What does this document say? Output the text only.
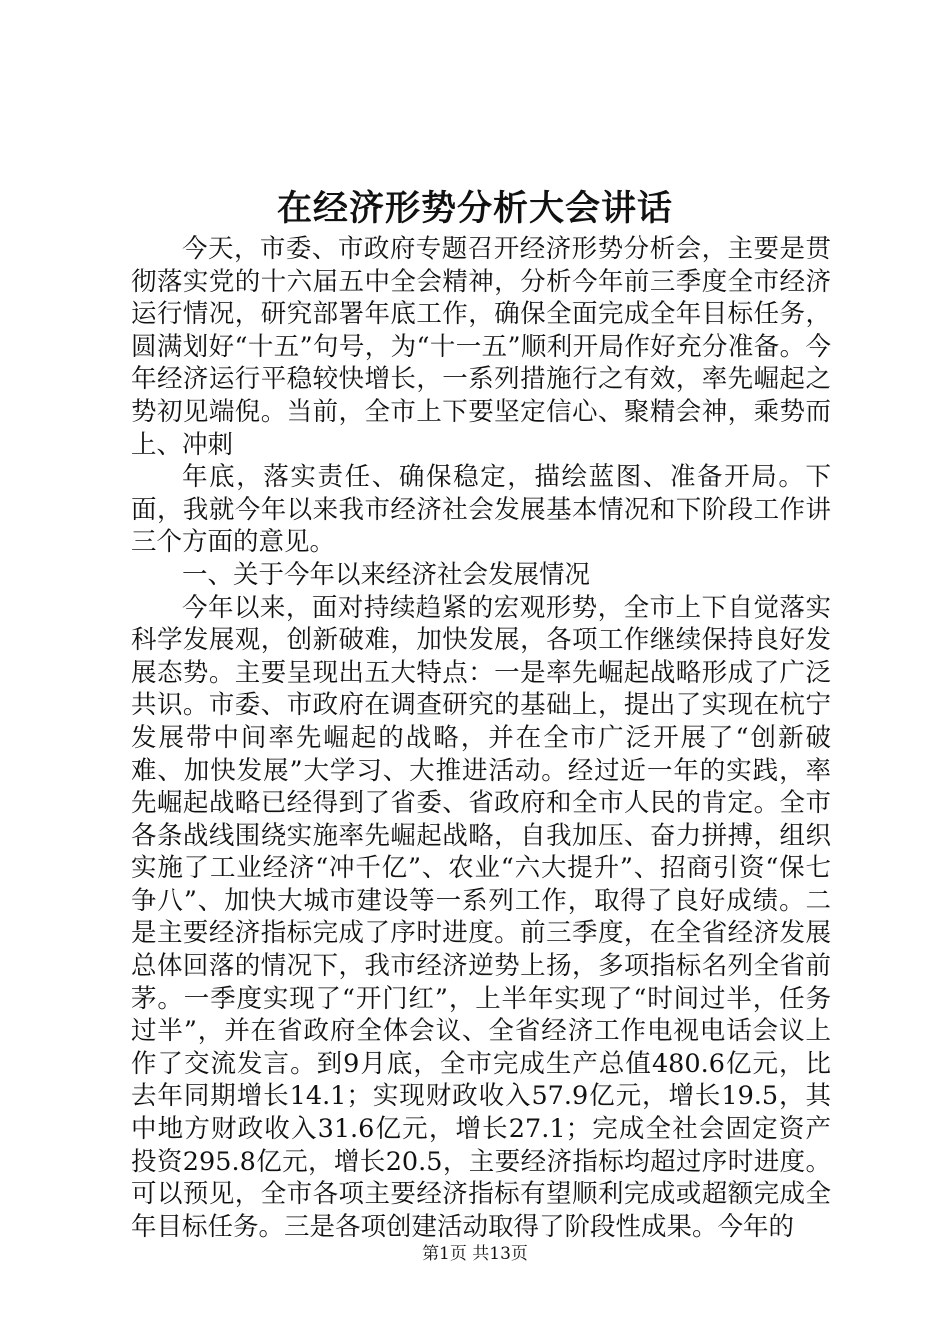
在经济形势分析大会讲话

今天，市委、市政府专题召开经济形势分析会，主要是贯彻落实党的十六届五中全会精神，分析今年前三季度全市经济运行情况，研究部署年底工作，确保全面完成全年目标任务，圆满划好“十五”句号，为“十一五”顺利开局作好充分准备。今年经济运行平稳较快增长，一系列措施行之有效，率先崛起之势初见端倪。当前，全市上下要坚定信心、聚精会神，乘势而上、冲刺

年底，落实责任、确保稳定，描绘蓝图、准备开局。下面，我就今年以来我市经济社会发展基本情况和下阶段工作讲三个方面的意见。

一、关于今年以来经济社会发展情况

今年以来，面对持续趋紧的宏观形势，全市上下自觉落实科学发展观，创新破难，加快发展，各项工作继续保持良好发展态势。主要呈现出五大特点：一是率先崛起战略形成了广泛共识。市委、市政府在调查研究的基础上，提出了实现在杭宁发展带中间率先崛起的战略，并在全市广泛开展了“创新破难、加快发展”大学习、大推进活动。经过近一年的实践，率先崛起战略已经得到了省委、省政府和全市人民的肯定。全市各条战线围绕实施率先崛起战略，自我加压、奋力拼搏，组织实施了工业经济“冲千亿”、农业“六大提升”、招商引资“保七争八”、加快大城市建设等一系列工作，取得了良好成绩。二是主要经济指标完成了序时进度。前三季度，在全省经济发展总体回落的情况下，我市经济逆势上扬，多项指标名列全省前茅。一季度实现了“开门红”，上半年实现了“时间过半，任务过半”，并在省政府全体会议、全省经济工作电视电话会议上作了交流发言。到9月底，全市完成生产总值480.6亿元，比去年同期增长14.1；实现财政收入57.9亿元，增长19.5，其中地方财政收入31.6亿元，增长27.1；完成全社会固定资产投资295.8亿元，增长20.5，主要经济指标均超过序时进度。可以预见，全市各项主要经济指标有望顺利完成或超额完成全年目标任务。三是各项创建活动取得了阶段性成果。今年的

第1页 共13页
